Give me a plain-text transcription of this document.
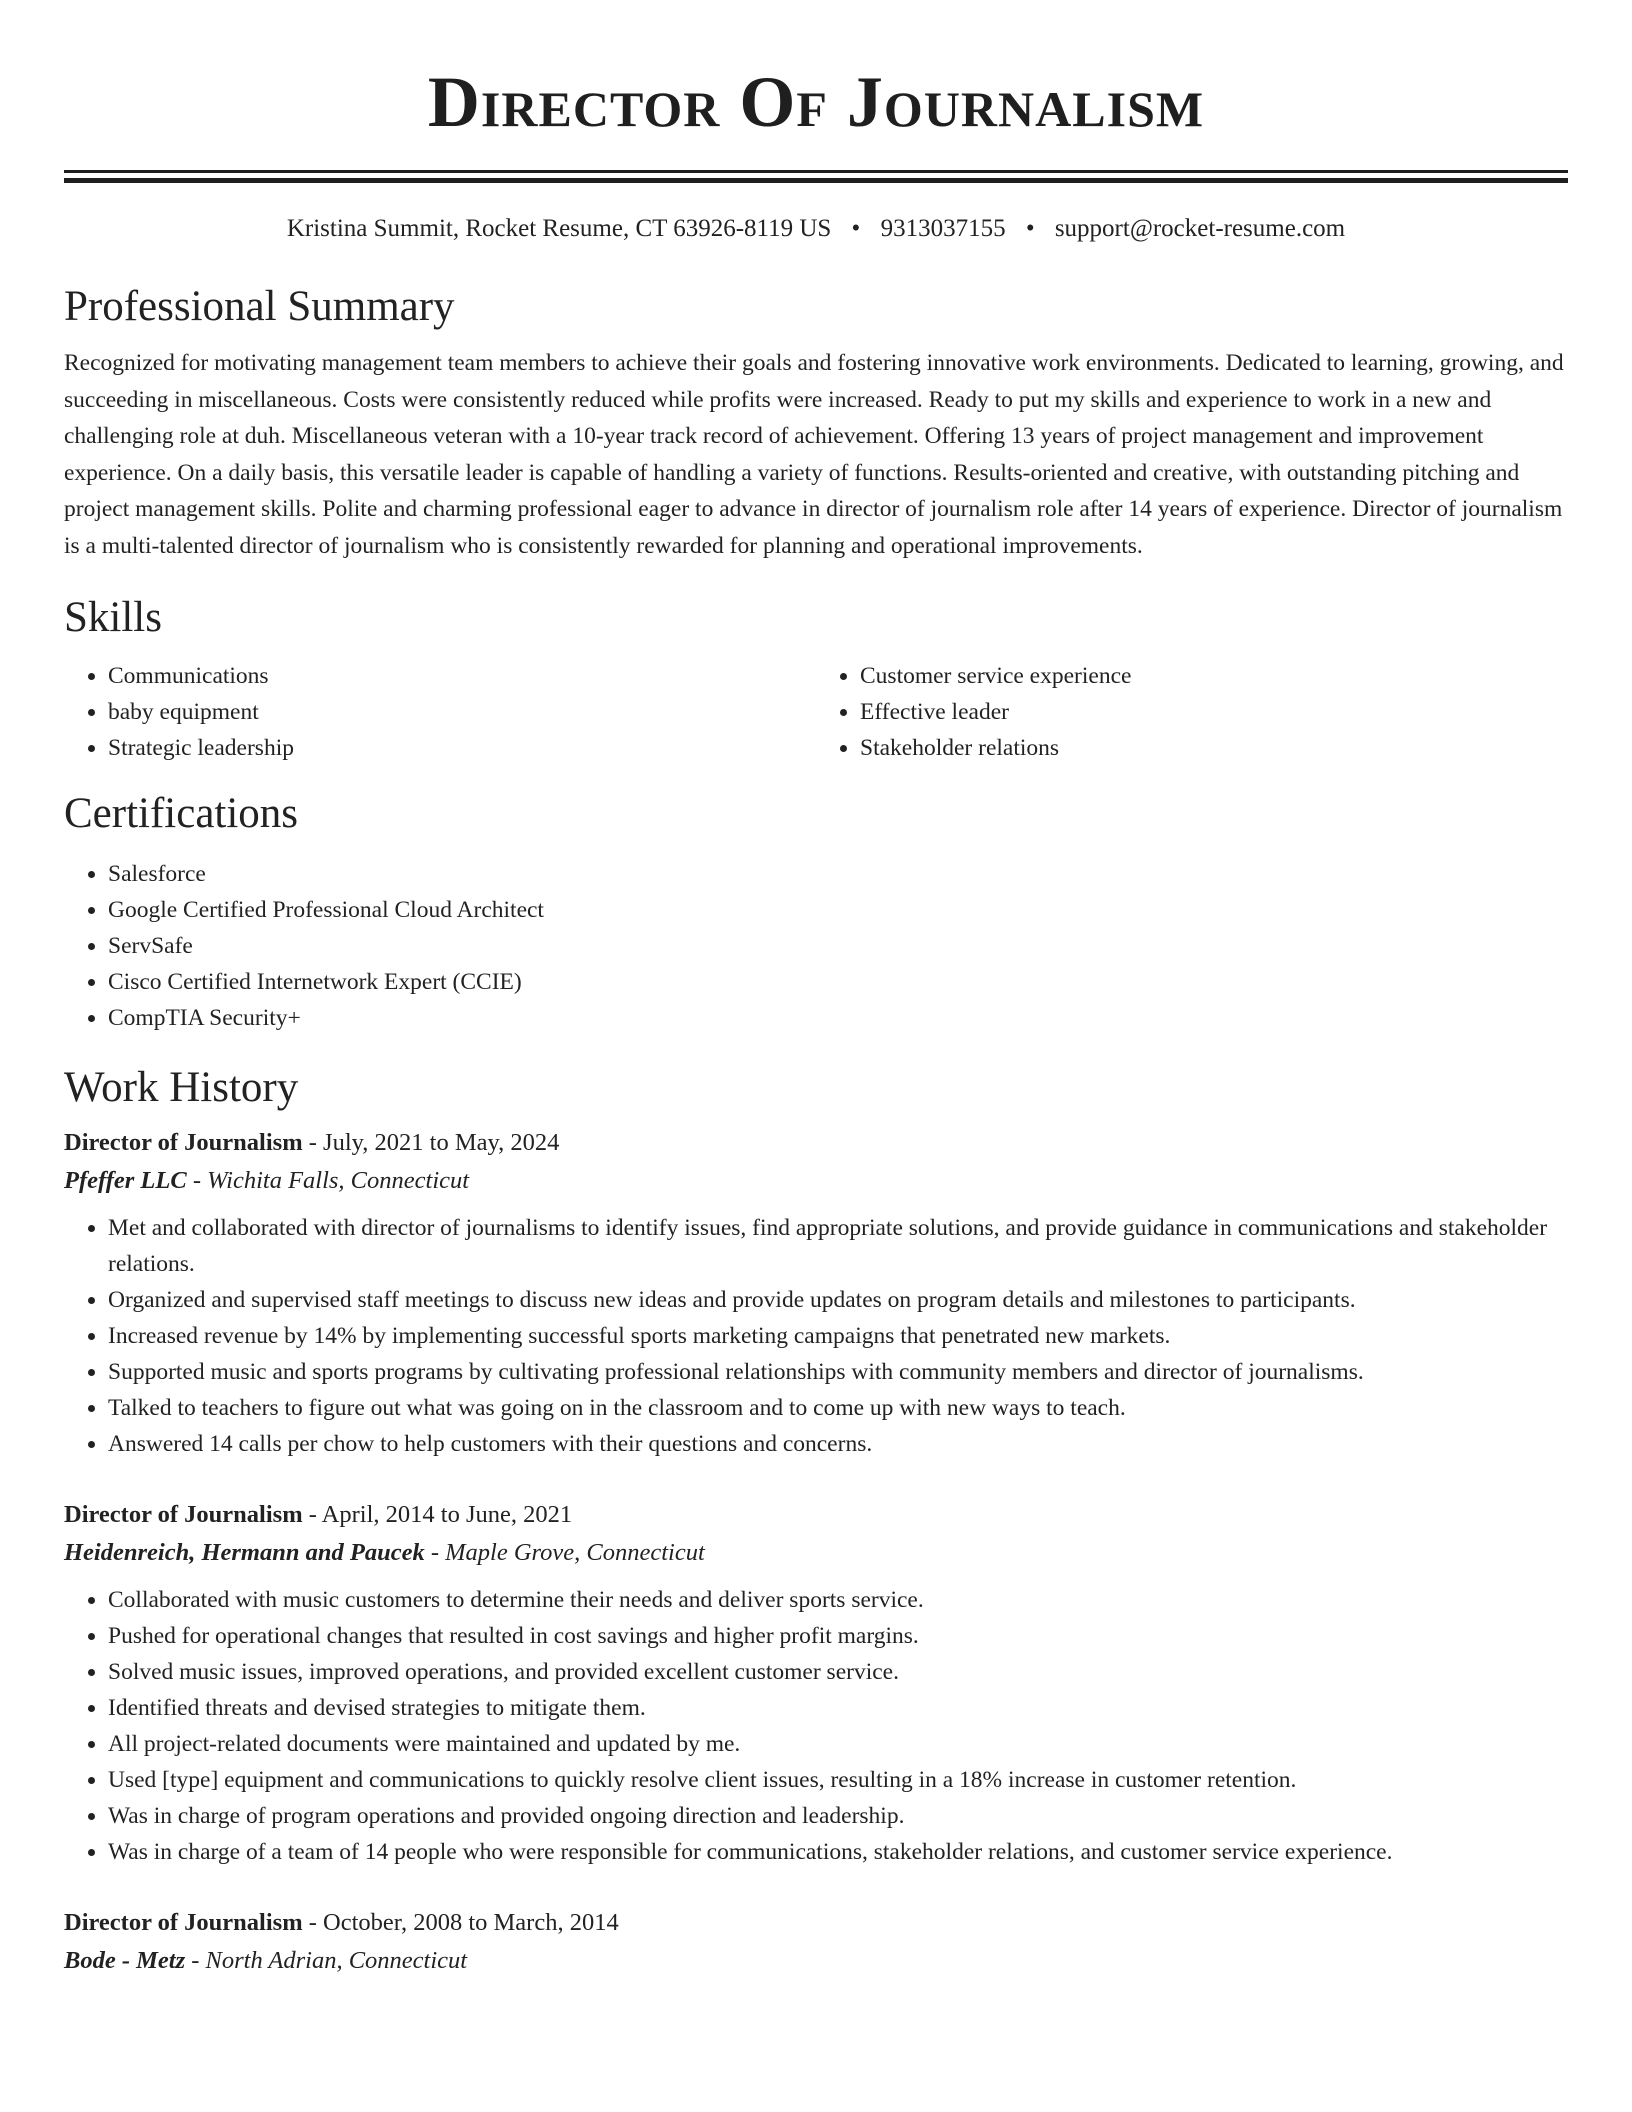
Director Of Journalism
Kristina Summit, Rocket Resume, CT 63926-8119 US • 9313037155 • support@rocket-resume.com
Professional Summary

Recognized for motivating management team members to achieve their goals and fostering innovative work environments. Dedicated to learning, growing, and succeeding in miscellaneous. Costs were consistently reduced while profits were increased. Ready to put my skills and experience to work in a new and challenging role at duh. Miscellaneous veteran with a 10-year track record of achievement. Offering 13 years of project management and improvement experience. On a daily basis, this versatile leader is capable of handling a variety of functions. Results-oriented and creative, with outstanding pitching and project management skills. Polite and charming professional eager to advance in director of journalism role after 14 years of experience. Director of journalism is a multi-talented director of journalism who is consistently rewarded for planning and operational improvements.

Skills
• Communications
• baby equipment
• Strategic leadership
• Customer service experience
• Effective leader
• Stakeholder relations
Certifications
• Salesforce
• Google Certified Professional Cloud Architect
• ServSafe
• Cisco Certified Internetwork Expert (CCIE)
• CompTIA Security+
Work History
Director of Journalism - July, 2021 to May, 2024
Pfeffer LLC - Wichita Falls, Connecticut
• Met and collaborated with director of journalisms to identify issues, find appropriate solutions, and provide guidance in communications and stakeholder relations.
• Organized and supervised staff meetings to discuss new ideas and provide updates on program details and milestones to participants.
• Increased revenue by 14% by implementing successful sports marketing campaigns that penetrated new markets.
• Supported music and sports programs by cultivating professional relationships with community members and director of journalisms.
• Talked to teachers to figure out what was going on in the classroom and to come up with new ways to teach.
• Answered 14 calls per chow to help customers with their questions and concerns.
Director of Journalism - April, 2014 to June, 2021
Heidenreich, Hermann and Paucek - Maple Grove, Connecticut
• Collaborated with music customers to determine their needs and deliver sports service.
• Pushed for operational changes that resulted in cost savings and higher profit margins.
• Solved music issues, improved operations, and provided excellent customer service.
• Identified threats and devised strategies to mitigate them.
• All project-related documents were maintained and updated by me.
• Used [type] equipment and communications to quickly resolve client issues, resulting in a 18% increase in customer retention.
• Was in charge of program operations and provided ongoing direction and leadership.
• Was in charge of a team of 14 people who were responsible for communications, stakeholder relations, and customer service experience.
Director of Journalism - October, 2008 to March, 2014
Bode - Metz - North Adrian, Connecticut
